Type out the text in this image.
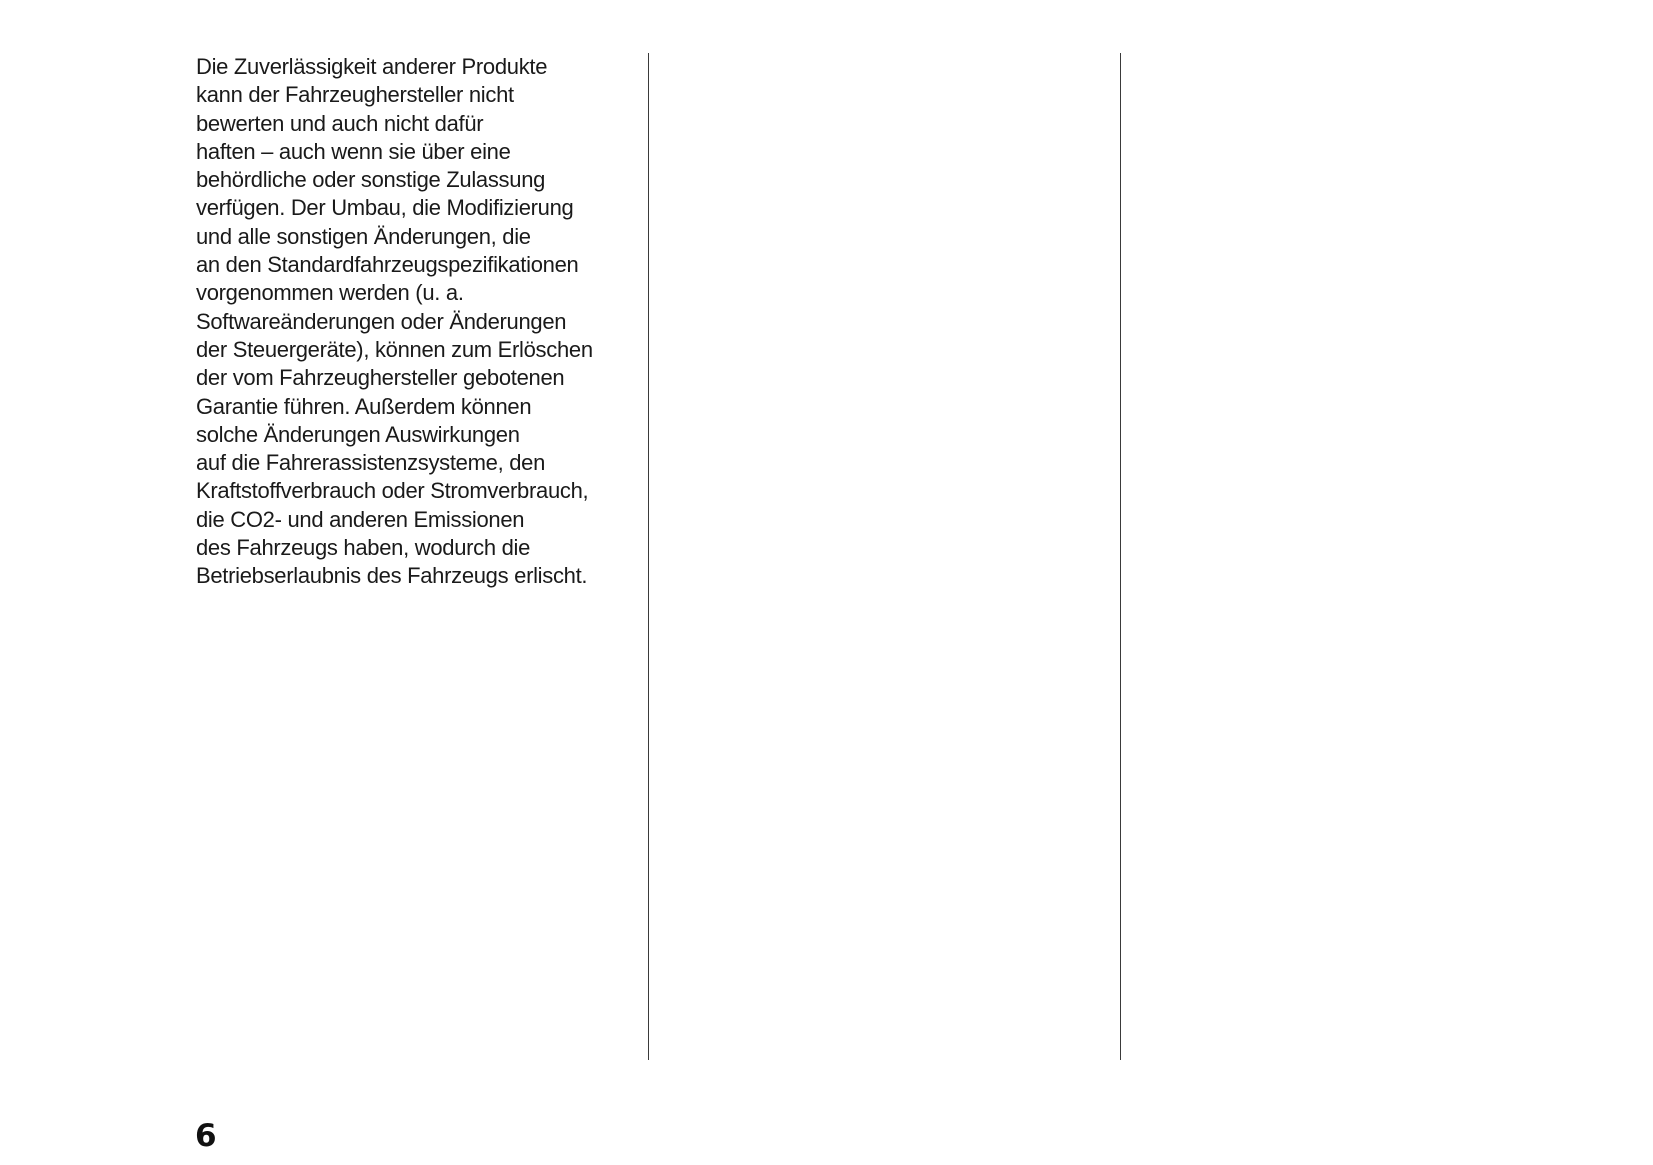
Die Zuverlässigkeit anderer Produkte
kann der Fahrzeughersteller nicht
bewerten und auch nicht dafür
haften – auch wenn sie über eine
behördliche oder sonstige Zulassung
verfügen. Der Umbau, die Modifizierung
und alle sonstigen Änderungen, die
an den Standardfahrzeugspezifikationen
vorgenommen werden (u. a.
Softwareänderungen oder Änderungen
der Steuergeräte), können zum Erlöschen
der vom Fahrzeughersteller gebotenen
Garantie führen. Außerdem können
solche Änderungen Auswirkungen
auf die Fahrerassistenzsysteme, den
Kraftstoffverbrauch oder Stromverbrauch,
die CO2- und anderen Emissionen
des Fahrzeugs haben, wodurch die
Betriebserlaubnis des Fahrzeugs erlischt.
6
